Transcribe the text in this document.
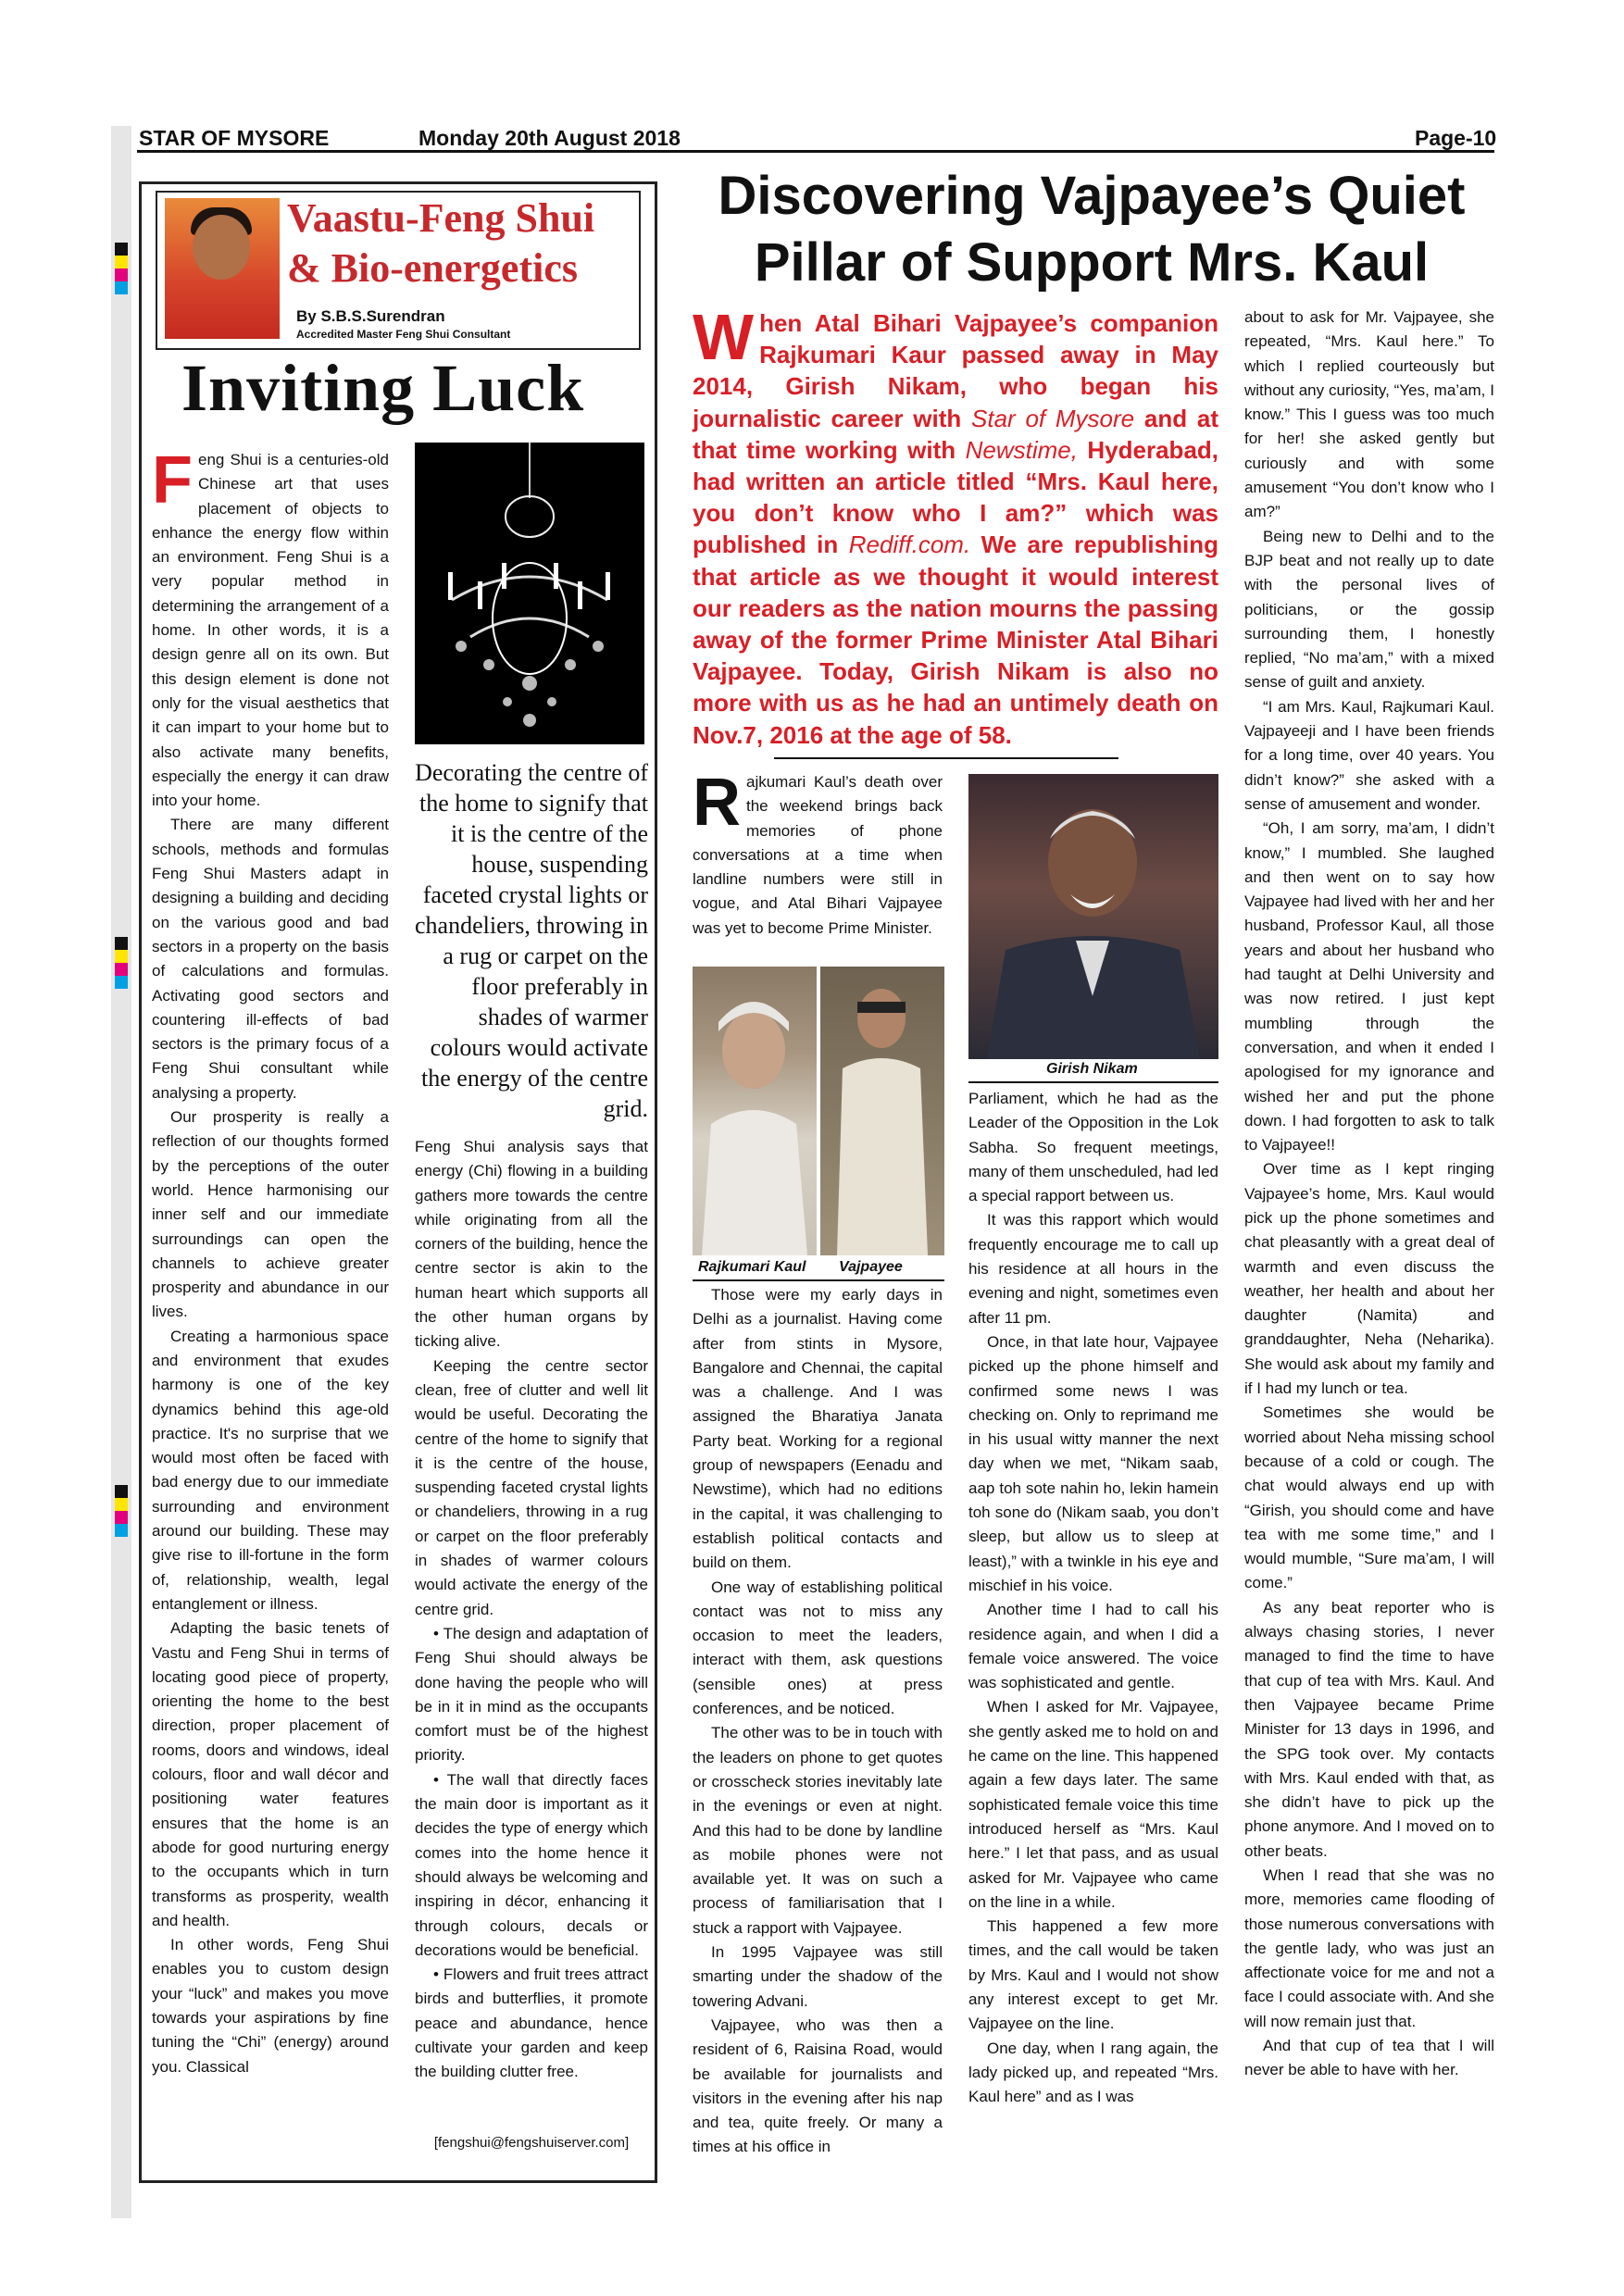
STAR OF MYSORE	Monday 20th August 2018	Page-10
Vaastu-Feng Shui
& Bio-energetics
By S.B.S.Surendran
Accredited Master Feng Shui Consultant
Inviting Luck

Feng Shui is a centuries-old Chinese art that uses placement of objects to enhance the energy flow within an environment. Feng Shui is a very popular method in determining the arrangement of a home. In other words, it is a design genre all on its own. But this design element is done not only for the visual aesthetics that it can impart to your home but to also activate many benefits, especially the energy it can draw into your home.

There are many different schools, methods and formulas Feng Shui Masters adapt in designing a building and deciding on the various good and bad sectors in a property on the basis of calculations and formulas. Activating good sectors and countering ill-effects of bad sectors is the primary focus of a Feng Shui consultant while analysing a property.

Our prosperity is really a reflection of our thoughts formed by the perceptions of the outer world. Hence harmonising our inner self and our immediate surroundings can open the channels to achieve greater prosperity and abundance in our lives.

Creating a harmonious space and environment that exudes harmony is one of the key dynamics behind this age-old practice. It's no surprise that we would most often be faced with bad energy due to our immediate surrounding and environment around our building. These may give rise to ill-fortune in the form of, relationship, wealth, legal entanglement or illness.

Adapting the basic tenets of Vastu and Feng Shui in terms of locating good piece of property, orienting the home to the best direction, proper placement of rooms, doors and windows, ideal colours, floor and wall décor and positioning water features ensures that the home is an abode for good nurturing energy to the occupants which in turn transforms as prosperity, wealth and health.

In other words, Feng Shui enables you to custom design your “luck” and makes you move towards your aspirations by fine tuning the “Chi” (energy) around you. Classical

Decorating the centre of the home to signify that it is the centre of the house, suspending faceted crystal lights or chandeliers, throwing in a rug or carpet on the floor preferably in shades of warmer colours would activate the energy of the centre grid.

Feng Shui analysis says that energy (Chi) flowing in a building gathers more towards the centre while originating from all the corners of the building, hence the centre sector is akin to the human heart which supports all the other human organs by ticking alive.

Keeping the centre sector clean, free of clutter and well lit would be useful. Decorating the centre of the home to signify that it is the centre of the house, suspending faceted crystal lights or chandeliers, throwing in a rug or carpet on the floor preferably in shades of warmer colours would activate the energy of the centre grid.

• The design and adaptation of Feng Shui should always be done having the people who will be in it in mind as the occupants comfort must be of the highest priority.

• The wall that directly faces the main door is important as it decides the type of energy which comes into the home hence it should always be welcoming and inspiring in décor, enhancing it through colours, decals or decorations would be beneficial.

• Flowers and fruit trees attract birds and butterflies, it promote peace and abundance, hence cultivate your garden and keep the building clutter free.

[fengshui@fengshuiserver.com]
Discovering Vajpayee’s Quiet
Pillar of Support Mrs. Kaul
When Atal Bihari Vajpayee’s companion Rajkumari Kaur passed away in May 2014, Girish Nikam, who began his journalistic career with Star of Mysore and at that time working with Newstime, Hyderabad, had written an article titled “Mrs. Kaul here, you don’t know who I am?” which was published in Rediff.com. We are republishing that article as we thought it would interest our readers as the nation mourns the passing away of the former Prime Minister Atal Bihari Vajpayee. Today, Girish Nikam is also no more with us as he had an untimely death on Nov.7, 2016 at the age of 58.

Rajkumari Kaul’s death over the weekend brings back memories of phone conversations at a time when landline numbers were still in vogue, and Atal Bihari Vajpayee was yet to become Prime Minister.

Rajkumari Kaul Vajpayee
Girish Nikam

Those were my early days in Delhi as a journalist. Having come after from stints in Mysore, Bangalore and Chennai, the capital was a challenge. And I was assigned the Bharatiya Janata Party beat. Working for a regional group of newspapers (Eenadu and Newstime), which had no editions in the capital, it was challenging to establish political contacts and build on them.

One way of establishing political contact was not to miss any occasion to meet the leaders, interact with them, ask questions (sensible ones) at press conferences, and be noticed.

The other was to be in touch with the leaders on phone to get quotes or crosscheck stories inevitably late in the evenings or even at night. And this had to be done by landline as mobile phones were not available yet. It was on such a process of familiarisation that I stuck a rapport with Vajpayee.

In 1995 Vajpayee was still smarting under the shadow of the towering Advani.

Vajpayee, who was then a resident of 6, Raisina Road, would be available for journalists and visitors in the evening after his nap and tea, quite freely. Or many a times at his office in

Parliament, which he had as the Leader of the Opposition in the Lok Sabha. So frequent meetings, many of them unscheduled, had led a special rapport between us.

It was this rapport which would frequently encourage me to call up his residence at all hours in the evening and night, sometimes even after 11 pm.

Once, in that late hour, Vajpayee picked up the phone himself and confirmed some news I was checking on. Only to reprimand me in his usual witty manner the next day when we met, “Nikam saab, aap toh sote nahin ho, lekin hamein toh sone do (Nikam saab, you don’t sleep, but allow us to sleep at least),” with a twinkle in his eye and mischief in his voice.

Another time I had to call his residence again, and when I did a female voice answered. The voice was sophisticated and gentle.

When I asked for Mr. Vajpayee, she gently asked me to hold on and he came on the line. This happened again a few days later. The same sophisticated female voice this time introduced herself as “Mrs. Kaul here.” I let that pass, and as usual asked for Mr. Vajpayee who came on the line in a while.

This happened a few more times, and the call would be taken by Mrs. Kaul and I would not show any interest except to get Mr. Vajpayee on the line.

One day, when I rang again, the lady picked up, and repeated “Mrs. Kaul here” and as I was

about to ask for Mr. Vajpayee, she repeated, “Mrs. Kaul here.” To which I replied courteously but without any curiosity, “Yes, ma’am, I know.” This I guess was too much for her! she asked gently but curiously and with some amusement “You don’t know who I am?”

Being new to Delhi and to the BJP beat and not really up to date with the personal lives of politicians, or the gossip surrounding them, I honestly replied, “No ma’am,” with a mixed sense of guilt and anxiety.

“I am Mrs. Kaul, Rajkumari Kaul. Vajpayeeji and I have been friends for a long time, over 40 years. You didn’t know?” she asked with a sense of amusement and wonder.

“Oh, I am sorry, ma’am, I didn’t know,” I mumbled. She laughed and then went on to say how Vajpayee had lived with her and her husband, Professor Kaul, all those years and about her husband who had taught at Delhi University and was now retired. I just kept mumbling through the conversation, and when it ended I apologised for my ignorance and wished her and put the phone down. I had forgotten to ask to talk to Vajpayee!!

Over time as I kept ringing Vajpayee’s home, Mrs. Kaul would pick up the phone sometimes and chat pleasantly with a great deal of warmth and even discuss the weather, her health and about her daughter (Namita) and granddaughter, Neha (Neharika). She would ask about my family and if I had my lunch or tea.

Sometimes she would be worried about Neha missing school because of a cold or cough. The chat would always end up with “Girish, you should come and have tea with me some time,” and I would mumble, “Sure ma’am, I will come.”

As any beat reporter who is always chasing stories, I never managed to find the time to have that cup of tea with Mrs. Kaul. And then Vajpayee became Prime Minister for 13 days in 1996, and the SPG took over. My contacts with Mrs. Kaul ended with that, as she didn’t have to pick up the phone anymore. And I moved on to other beats.

When I read that she was no more, memories came flooding of those numerous conversations with the gentle lady, who was just an affectionate voice for me and not a face I could associate with. And she will now remain just that.

And that cup of tea that I will never be able to have with her.
